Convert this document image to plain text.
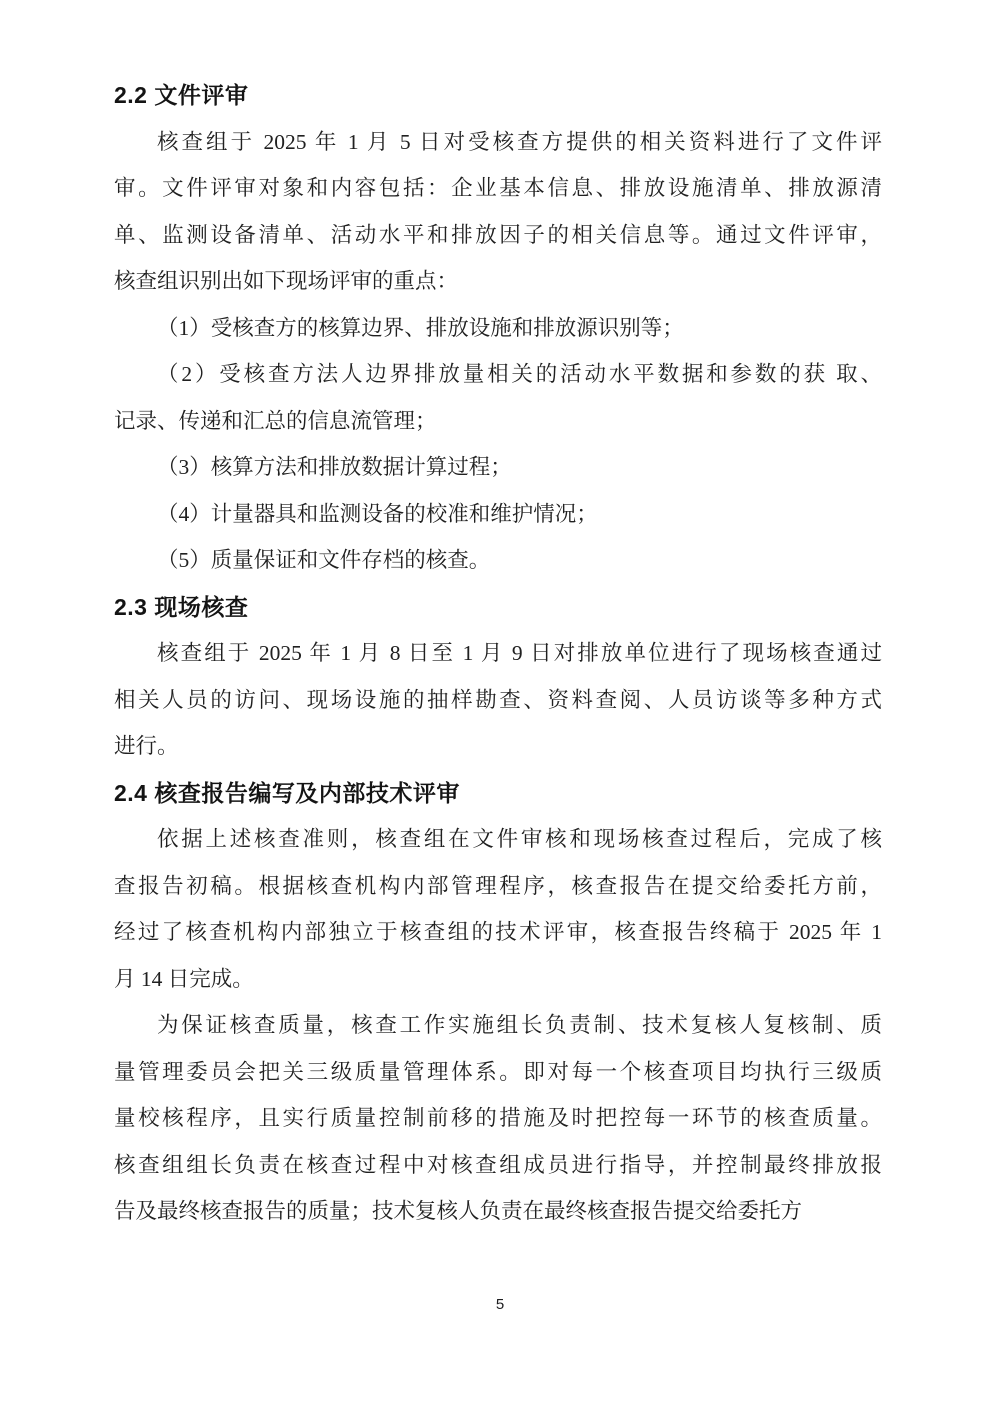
2.2 文件评审
核查组于 2025 年 1 月 5 日对受核查方提供的相关资料进行了文件评
审。文件评审对象和内容包括：企业基本信息、排放设施清单、排放源清
单、监测设备清单、活动水平和排放因子的相关信息等。通过文件评审，
核查组识别出如下现场评审的重点：
（1）受核查方的核算边界、排放设施和排放源识别等；
（2）受核查方法人边界排放量相关的活动水平数据和参数的获 取、
记录、传递和汇总的信息流管理；
（3）核算方法和排放数据计算过程；
（4）计量器具和监测设备的校准和维护情况；
（5）质量保证和文件存档的核查。
2.3 现场核查
核查组于 2025 年 1 月 8 日至 1 月 9 日对排放单位进行了现场核查通过
相关人员的访问、现场设施的抽样勘查、资料查阅、人员访谈等多种方式
进行。
2.4 核查报告编写及内部技术评审
依据上述核查准则，核查组在文件审核和现场核查过程后，完成了核
查报告初稿。根据核查机构内部管理程序，核查报告在提交给委托方前，
经过了核查机构内部独立于核查组的技术评审，核查报告终稿于 2025 年 1
月 14 日完成。
为保证核查质量，核查工作实施组长负责制、技术复核人复核制、质
量管理委员会把关三级质量管理体系。即对每一个核查项目均执行三级质
量校核程序，且实行质量控制前移的措施及时把控每一环节的核查质量。
核查组组长负责在核查过程中对核查组成员进行指导，并控制最终排放报
告及最终核查报告的质量；技术复核人负责在最终核查报告提交给委托方
5
